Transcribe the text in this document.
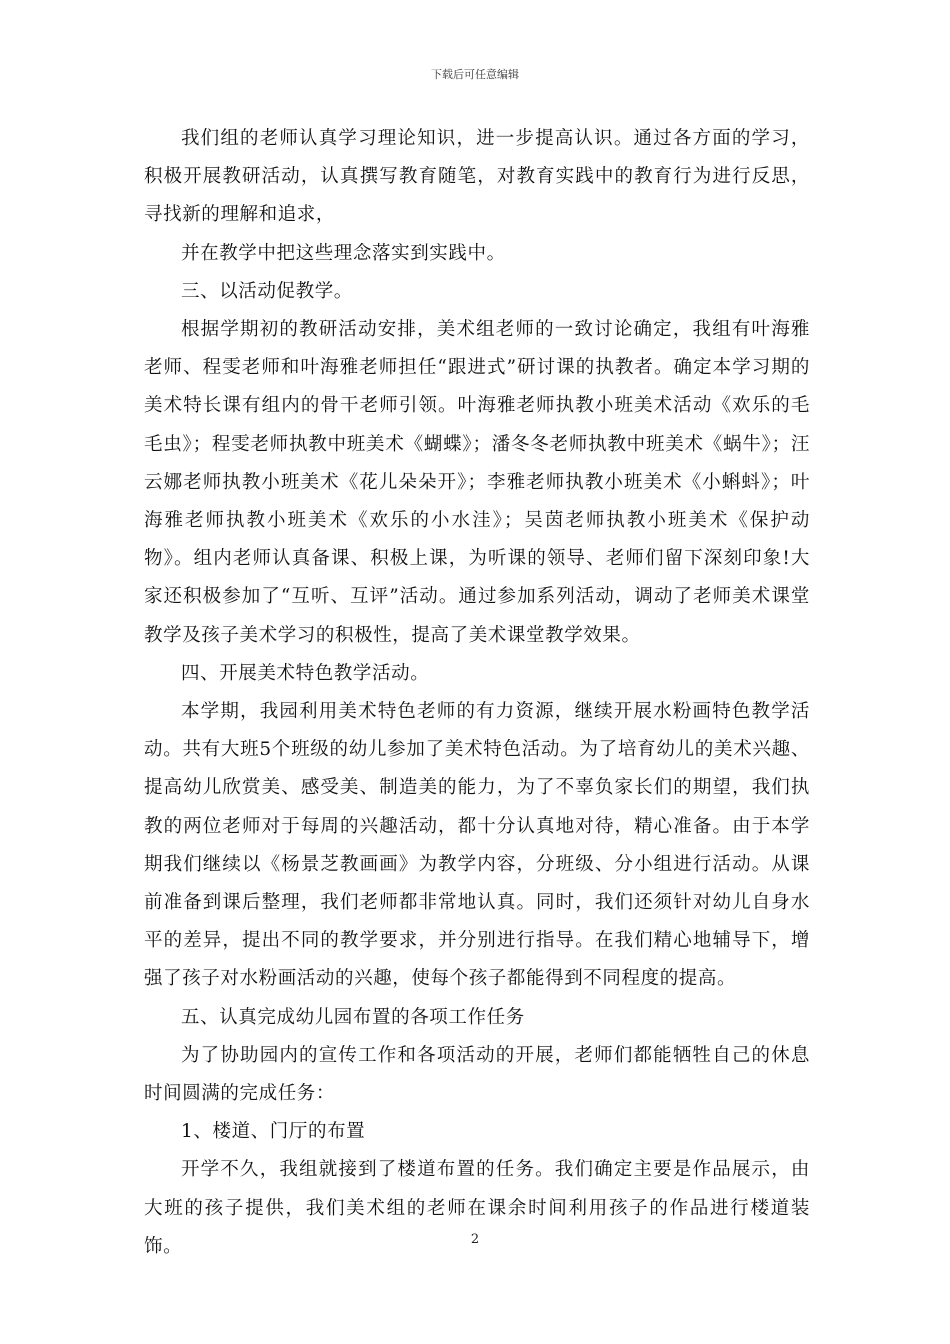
下载后可任意编辑

我们组的老师认真学习理论知识，进一步提高认识。通过各方面的学习，积极开展教研活动，认真撰写教育随笔，对教育实践中的教育行为进行反思，寻找新的理解和追求，

并在教学中把这些理念落实到实践中。

三、以活动促教学。

根据学期初的教研活动安排，美术组老师的一致讨论确定，我组有叶海雅老师、程雯老师和叶海雅老师担任“跟进式”研讨课的执教者。确定本学习期的美术特长课有组内的骨干老师引领。叶海雅老师执教小班美术活动《欢乐的毛毛虫》；程雯老师执教中班美术《蝴蝶》；潘冬冬老师执教中班美术《蜗牛》；汪云娜老师执教小班美术《花儿朵朵开》；李雅老师执教小班美术《小蝌蚪》；叶海雅老师执教小班美术《欢乐的小水洼》；吴茵老师执教小班美术《保护动物》。组内老师认真备课、积极上课，为听课的领导、老师们留下深刻印象!大家还积极参加了“互听、互评”活动。通过参加系列活动，调动了老师美术课堂教学及孩子美术学习的积极性，提高了美术课堂教学效果。

四、开展美术特色教学活动。

本学期，我园利用美术特色老师的有力资源，继续开展水粉画特色教学活动。共有大班5个班级的幼儿参加了美术特色活动。为了培育幼儿的美术兴趣、提高幼儿欣赏美、感受美、制造美的能力，为了不辜负家长们的期望，我们执教的两位老师对于每周的兴趣活动，都十分认真地对待，精心准备。由于本学期我们继续以《杨景芝教画画》为教学内容，分班级、分小组进行活动。从课前准备到课后整理，我们老师都非常地认真。同时，我们还须针对幼儿自身水平的差异，提出不同的教学要求，并分别进行指导。在我们精心地辅导下，增强了孩子对水粉画活动的兴趣，使每个孩子都能得到不同程度的提高。

五、认真完成幼儿园布置的各项工作任务

为了协助园内的宣传工作和各项活动的开展，老师们都能牺牲自己的休息时间圆满的完成任务：

1、楼道、门厅的布置

开学不久，我组就接到了楼道布置的任务。我们确定主要是作品展示，由大班的孩子提供，我们美术组的老师在课余时间利用孩子的作品进行楼道装饰。	2
